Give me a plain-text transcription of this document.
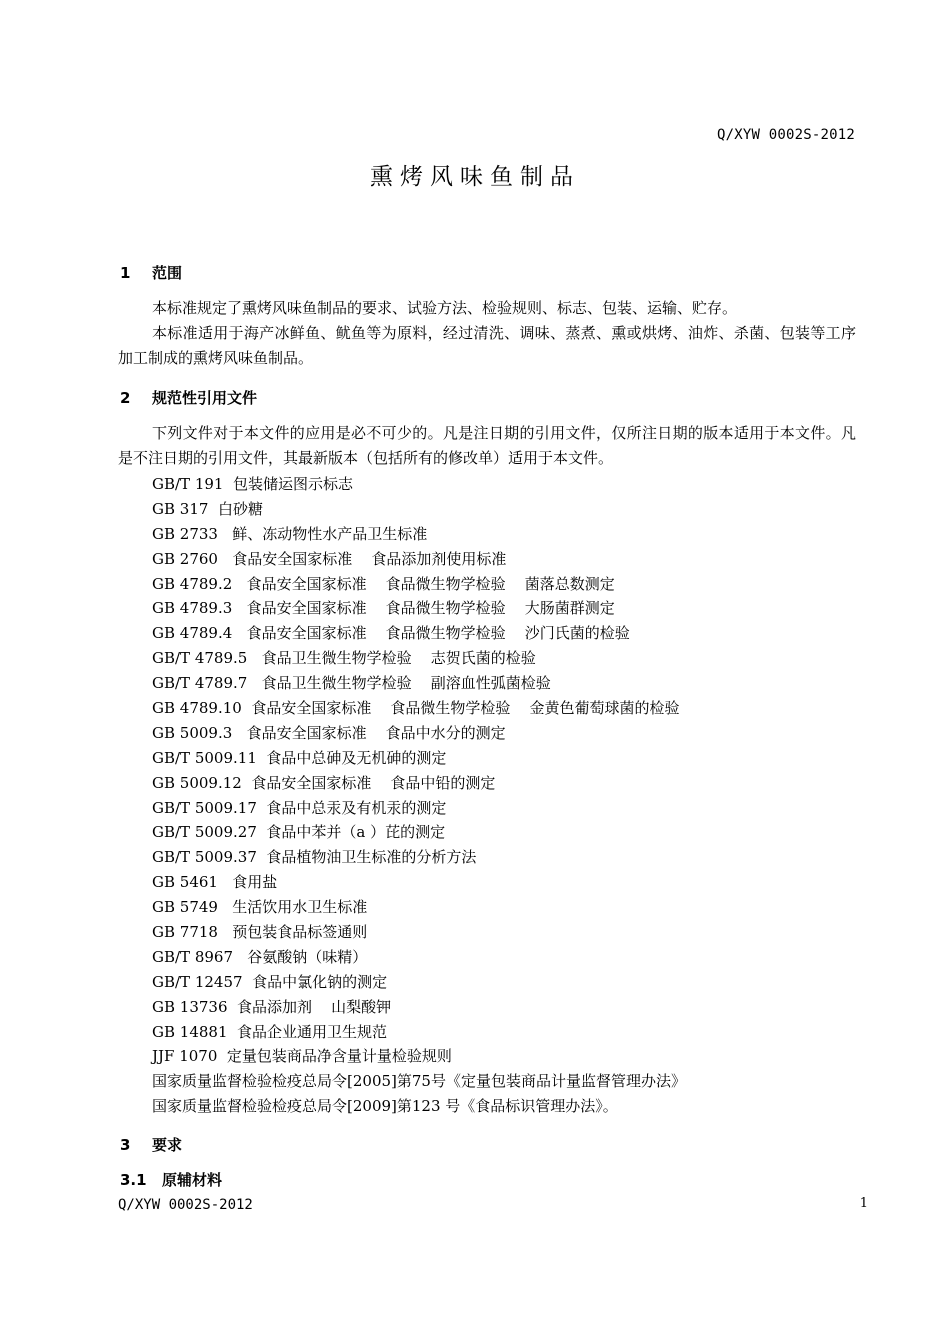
Q/XYW 0002S-2012
熏烤风味鱼制品
1 范围

本标准规定了熏烤风味鱼制品的要求、试验方法、检验规则、标志、包装、运输、贮存。

本标准适用于海产冰鲜鱼、鱿鱼等为原料，经过清洗、调味、蒸煮、熏或烘烤、油炸、杀菌、包装等工序加工制成的熏烤风味鱼制品。

2 规范性引用文件

下列文件对于本文件的应用是必不可少的。凡是注日期的引用文件，仅所注日期的版本适用于本文件。凡是不注日期的引用文件，其最新版本（包括所有的修改单）适用于本文件。

GB/T 191  包装储运图示标志
GB 317  白砂糖
GB 2733   鲜、冻动物性水产品卫生标准
GB 2760   食品安全国家标准    食品添加剂使用标准
GB 4789.2   食品安全国家标准    食品微生物学检验    菌落总数测定
GB 4789.3   食品安全国家标准    食品微生物学检验    大肠菌群测定
GB 4789.4   食品安全国家标准    食品微生物学检验    沙门氏菌的检验
GB/T 4789.5   食品卫生微生物学检验    志贺氏菌的检验
GB/T 4789.7   食品卫生微生物学检验    副溶血性弧菌检验
GB 4789.10  食品安全国家标准    食品微生物学检验    金黄色葡萄球菌的检验
GB 5009.3   食品安全国家标准    食品中水分的测定
GB/T 5009.11  食品中总砷及无机砷的测定
GB 5009.12  食品安全国家标准    食品中铅的测定
GB/T 5009.17  食品中总汞及有机汞的测定
GB/T 5009.27  食品中苯并（a ）芘的测定
GB/T 5009.37  食品植物油卫生标准的分析方法
GB 5461   食用盐
GB 5749   生活饮用水卫生标准
GB 7718   预包装食品标签通则
GB/T 8967   谷氨酸钠（味精）
GB/T 12457  食品中氯化钠的测定
GB 13736  食品添加剂    山梨酸钾
GB 14881  食品企业通用卫生规范
JJF 1070  定量包装商品净含量计量检验规则
国家质量监督检验检疫总局令[2005]第75号《定量包装商品计量监督管理办法》
国家质量监督检验检疫总局令[2009]第123 号《食品标识管理办法》。
3 要求
3.1 原辅材料
Q/XYW 0002S-2012	1
